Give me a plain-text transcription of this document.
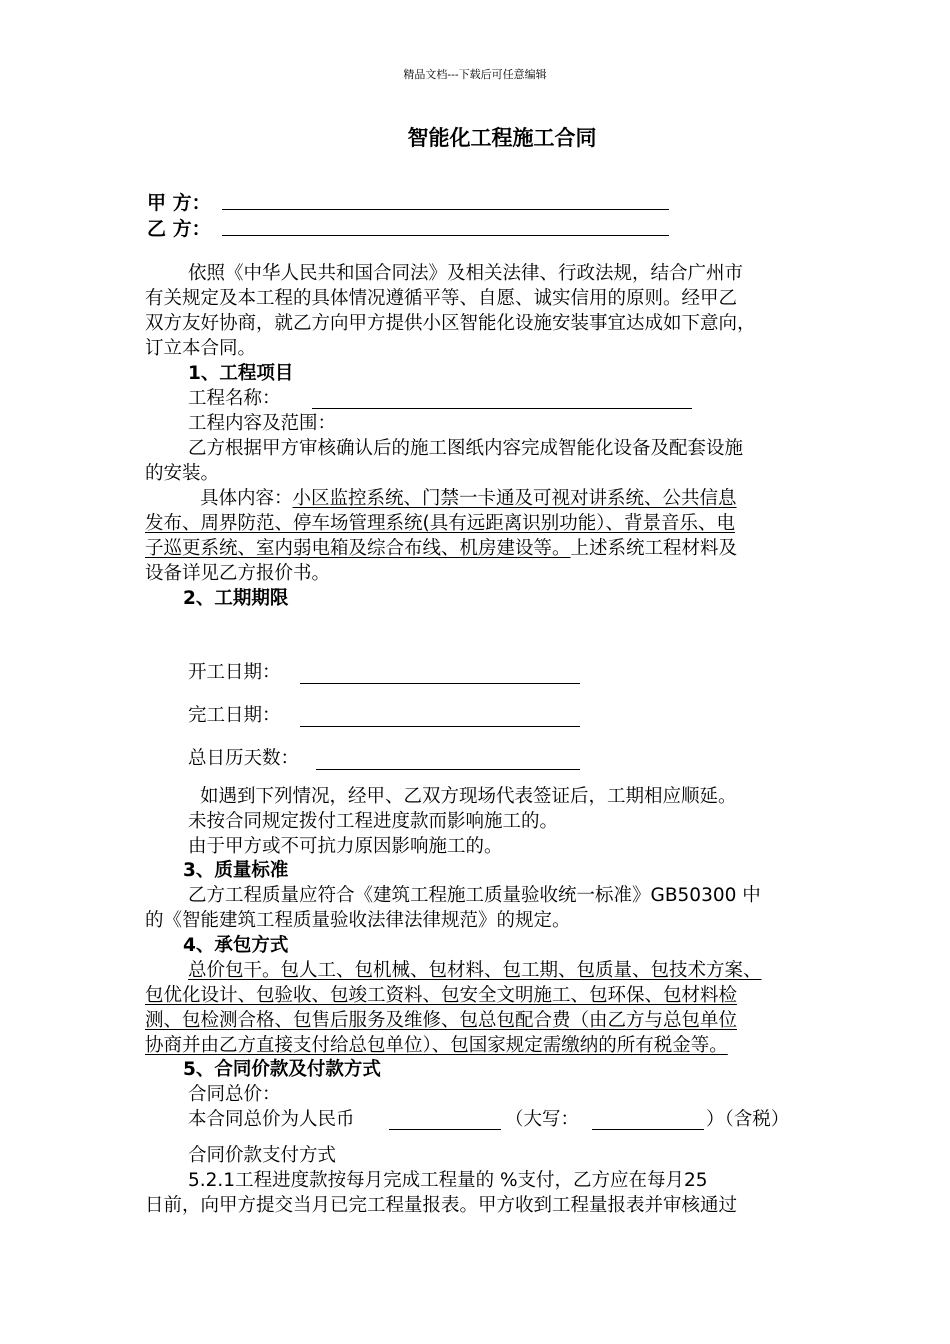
精品文档---下载后可任意编辑
智能化工程施工合同
甲 方：
乙 方：
依照《中华人民共和国合同法》及相关法律、行政法规，结合广州市
有关规定及本工程的具体情况遵循平等、自愿、诚实信用的原则。经甲乙
双方友好协商，就乙方向甲方提供小区智能化设施安装事宜达成如下意向，
订立本合同。
1、工程项目
工程名称：
工程内容及范围：
乙方根据甲方审核确认后的施工图纸内容完成智能化设备及配套设施
的安装。
具体内容：小区监控系统、门禁一卡通及可视对讲系统、公共信息
发布、周界防范、停车场管理系统(具有远距离识别功能）、背景音乐、电
子巡更系统、室内弱电箱及综合布线、机房建设等。上述系统工程材料及
设备详见乙方报价书。
2、工期期限
开工日期：
完工日期：
总日历天数：
如遇到下列情况，经甲、乙双方现场代表签证后，工期相应顺延。
未按合同规定拨付工程进度款而影响施工的。
由于甲方或不可抗力原因影响施工的。
3、质量标准
乙方工程质量应符合《建筑工程施工质量验收统一标准》GB50300 中
的《智能建筑工程质量验收法律法律规范》的规定。
4、承包方式
总价包干。包人工、包机械、包材料、包工期、包质量、包技术方案、
包优化设计、包验收、包竣工资料、包安全文明施工、包环保、包材料检
测、包检测合格、包售后服务及维修、包总包配合费（由乙方与总包单位
协商并由乙方直接支付给总包单位）、包国家规定需缴纳的所有税金等。
5、合同价款及付款方式
合同总价：
本合同总价为人民币	（大写：	）（含税）
合同价款支付方式
5.2.1工程进度款按每月完成工程量的 %支付，乙方应在每月25
日前，向甲方提交当月已完工程量报表。甲方收到工程量报表并审核通过
